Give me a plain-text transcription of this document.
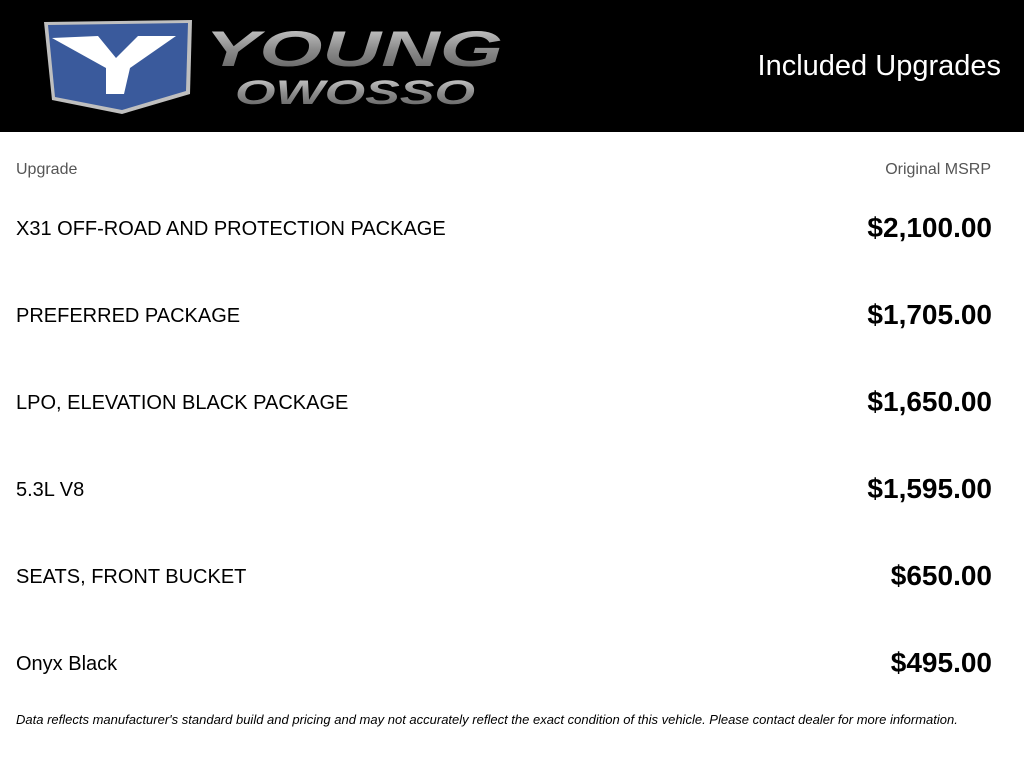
YOUNG
OWOSSO
Included Upgrades
Upgrade	Original MSRP
X31 OFF-ROAD AND PROTECTION PACKAGE	$2,100.00
PREFERRED PACKAGE	$1,705.00
LPO, ELEVATION BLACK PACKAGE	$1,650.00
5.3L V8	$1,595.00
SEATS, FRONT BUCKET	$650.00
Onyx Black	$495.00
Data reflects manufacturer's standard build and pricing and may not accurately reflect the exact condition of this vehicle. Please contact dealer for more information.
